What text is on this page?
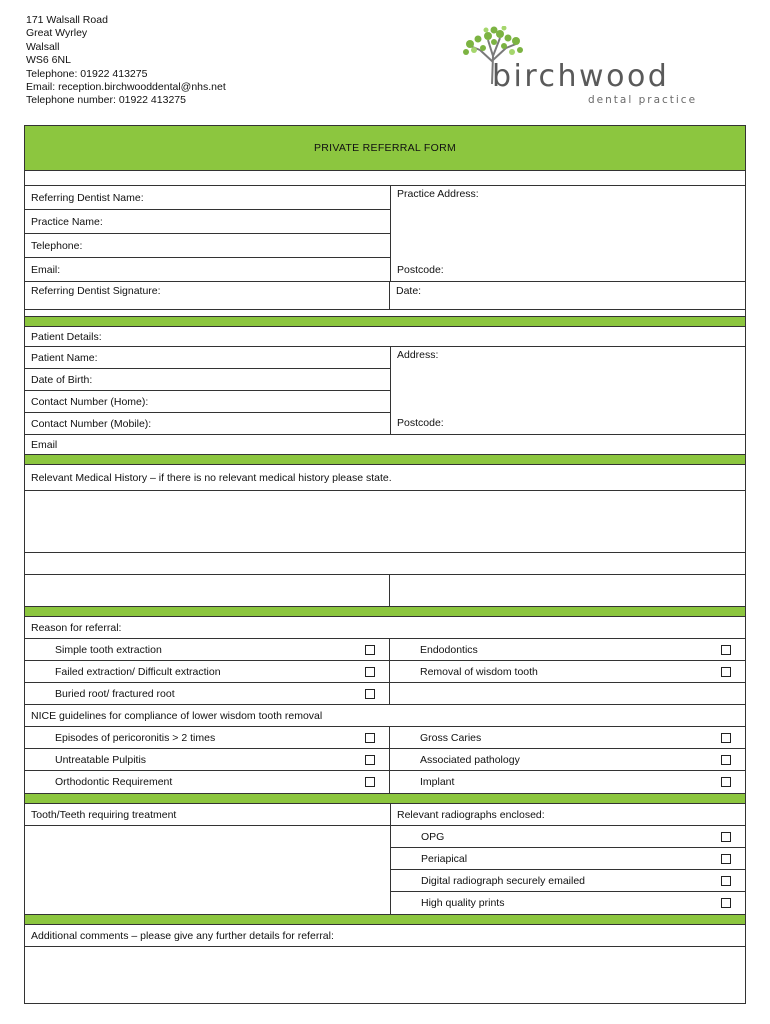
171 Walsall Road
Great Wyrley
Walsall
WS6 6NL
Telephone: 01922 413275
Email: reception.birchwooddental@nhs.net
Telephone number: 01922 413275
birchwood
dental practice
PRIVATE REFERRAL FORM
Referring Dentist Name:
Practice Name:
Telephone:
Email:
Practice Address:
Postcode:
Referring Dentist Signature:	Date:
Patient Details:
Patient Name:
Date of Birth:
Contact Number (Home):
Contact Number (Mobile):
Address:
Postcode:
Email
Relevant Medical History – if there is no relevant medical history please state.
Reason for referral:
Simple tooth extraction	Endodontics
Failed extraction/ Difficult extraction	Removal of wisdom tooth
Buried root/ fractured root
NICE guidelines for compliance of lower wisdom tooth removal
Episodes of pericoronitis > 2 times	Gross Caries
Untreatable Pulpitis	Associated pathology
Orthodontic Requirement	Implant
Tooth/Teeth requiring treatment	Relevant radiographs enclosed:
OPG
Periapical
Digital radiograph securely emailed
High quality prints
Additional comments – please give any further details for referral:
